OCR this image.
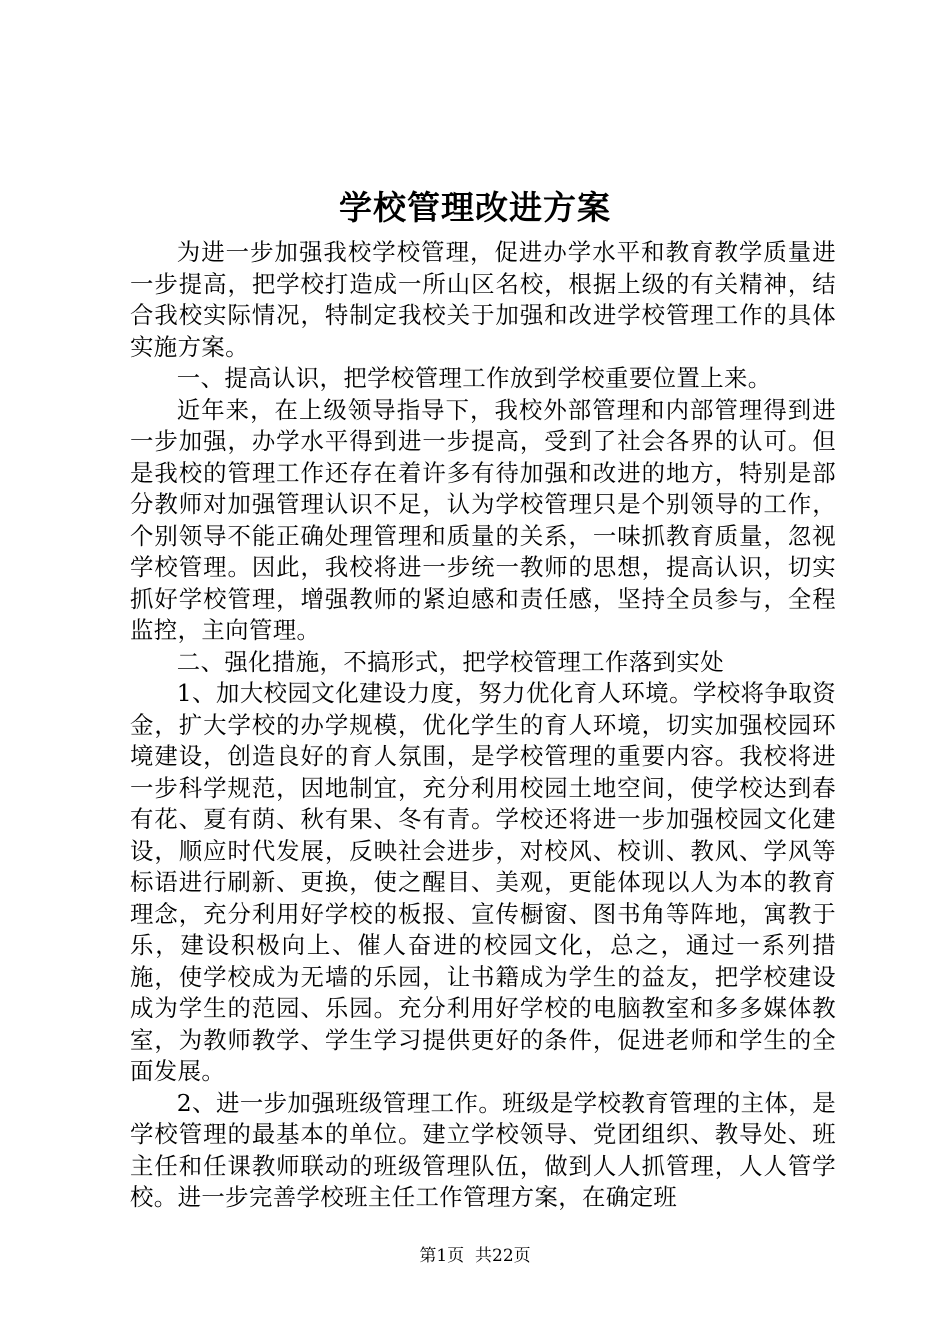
学校管理改进方案

为进一步加强我校学校管理，促进办学水平和教育教学质量进一步提高，把学校打造成一所山区名校，根据上级的有关精神，结合我校实际情况，特制定我校关于加强和改进学校管理工作的具体实施方案。

一、提高认识，把学校管理工作放到学校重要位置上来。

近年来，在上级领导指导下，我校外部管理和内部管理得到进一步加强，办学水平得到进一步提高，受到了社会各界的认可。但是我校的管理工作还存在着许多有待加强和改进的地方，特别是部分教师对加强管理认识不足，认为学校管理只是个别领导的工作，个别领导不能正确处理管理和质量的关系，一味抓教育质量，忽视学校管理。因此，我校将进一步统一教师的思想，提高认识，切实抓好学校管理，增强教师的紧迫感和责任感，坚持全员参与，全程监控，主向管理。

二、强化措施，不搞形式，把学校管理工作落到实处

1、加大校园文化建设力度，努力优化育人环境。学校将争取资金，扩大学校的办学规模，优化学生的育人环境，切实加强校园环境建设，创造良好的育人氛围，是学校管理的重要内容。我校将进一步科学规范，因地制宜，充分利用校园土地空间，使学校达到春有花、夏有荫、秋有果、冬有青。学校还将进一步加强校园文化建设，顺应时代发展，反映社会进步，对校风、校训、教风、学风等标语进行刷新、更换，使之醒目、美观，更能体现以人为本的教育理念，充分利用好学校的板报、宣传橱窗、图书角等阵地，寓教于乐，建设积极向上、催人奋进的校园文化，总之，通过一系列措施，使学校成为无墙的乐园，让书籍成为学生的益友，把学校建设成为学生的范园、乐园。充分利用好学校的电脑教室和多多媒体教室，为教师教学、学生学习提供更好的条件，促进老师和学生的全面发展。

2、进一步加强班级管理工作。班级是学校教育管理的主体，是学校管理的最基本的单位。建立学校领导、党团组织、教导处、班主任和任课教师联动的班级管理队伍，做到人人抓管理，人人管学校。进一步完善学校班主任工作管理方案，在确定班

第1页 共22页
